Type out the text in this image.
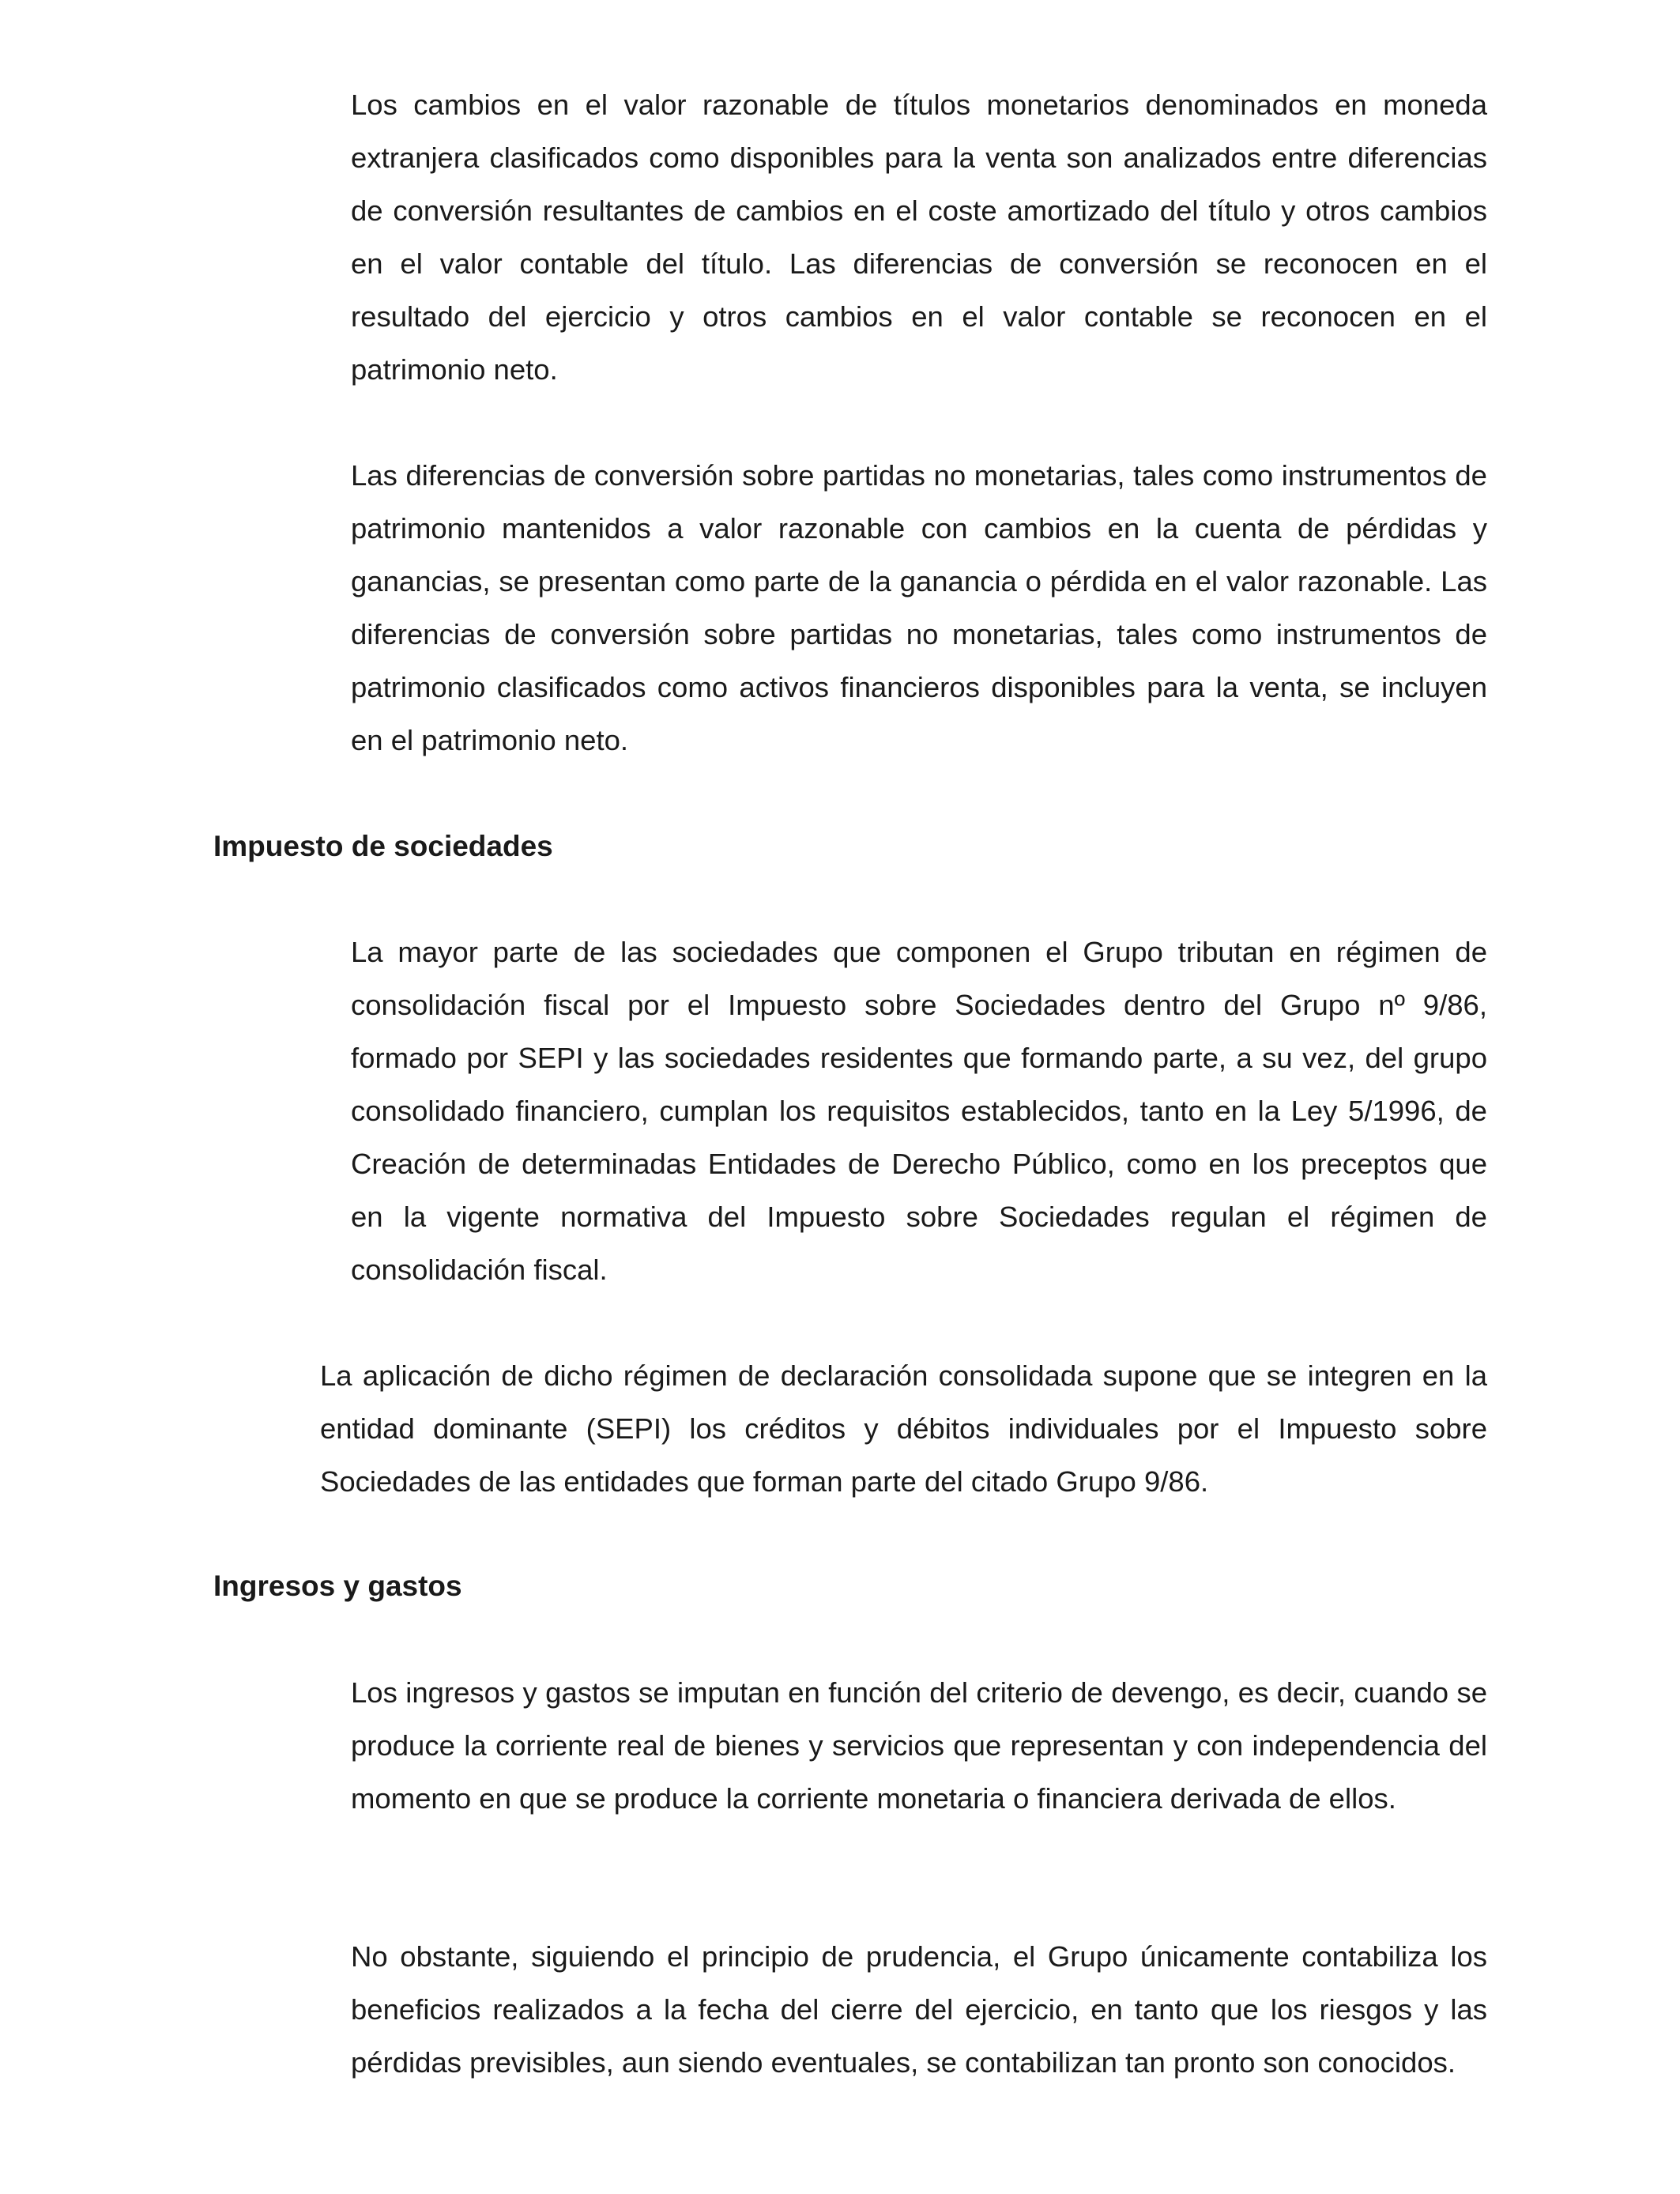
Los cambios en el valor razonable de títulos monetarios denominados en moneda extranjera clasificados como disponibles para la venta son analizados entre diferencias de conversión resultantes de cambios en el coste amortizado del título y otros cambios en el valor contable del título. Las diferencias de conversión se reconocen en el resultado del ejercicio y otros cambios en el valor contable se reconocen en el patrimonio neto.

Las diferencias de conversión sobre partidas no monetarias, tales como instrumentos de patrimonio mantenidos a valor razonable con cambios en la cuenta de pérdidas y ganancias, se presentan como parte de la ganancia o pérdida en el valor razonable. Las diferencias de conversión sobre partidas no monetarias, tales como instrumentos de patrimonio clasificados como activos financieros disponibles para la venta, se incluyen en el patrimonio neto.

Impuesto de sociedades

La mayor parte de las sociedades que componen el Grupo tributan en régimen de consolidación fiscal por el Impuesto sobre Sociedades dentro del Grupo nº 9/86, formado por SEPI y las sociedades residentes que formando parte, a su vez, del grupo consolidado financiero, cumplan los requisitos establecidos, tanto en la Ley 5/1996, de Creación de determinadas Entidades de Derecho Público, como en los preceptos que en la vigente normativa del Impuesto sobre Sociedades regulan el régimen de consolidación fiscal.

La aplicación de dicho régimen de declaración consolidada supone que se integren en la entidad dominante (SEPI) los créditos y débitos individuales por el Impuesto sobre Sociedades de las entidades que forman parte del citado Grupo 9/86.

Ingresos y gastos

Los ingresos y gastos se imputan en función del criterio de devengo, es decir, cuando se produce la corriente real de bienes y servicios que representan y con independencia del momento en que se produce la corriente monetaria o financiera derivada de ellos.

No obstante, siguiendo el principio de prudencia, el Grupo únicamente contabiliza los beneficios realizados a la fecha del cierre del ejercicio, en tanto que los riesgos y las pérdidas previsibles, aun siendo eventuales, se contabilizan tan pronto son conocidos.
